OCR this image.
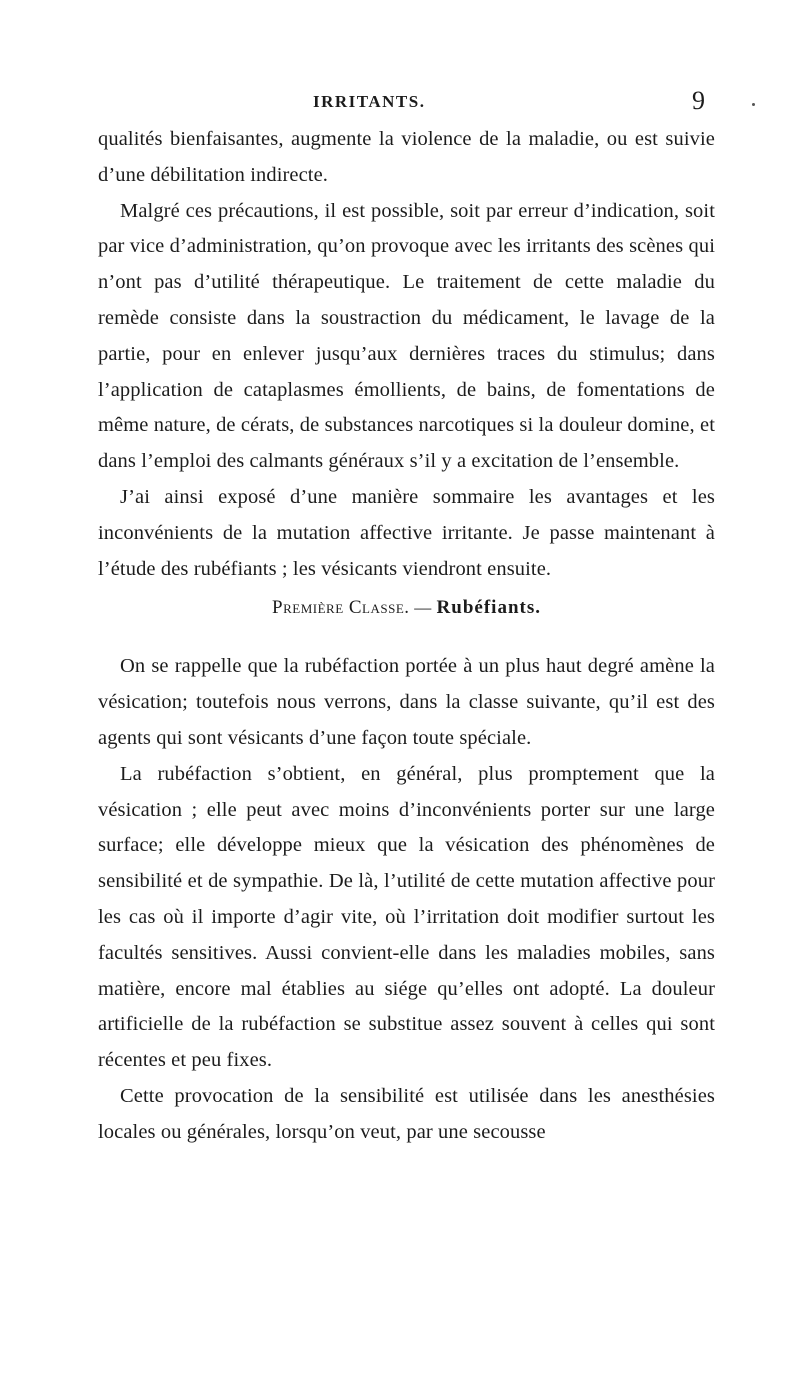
IRRITANTS.	9

qualités bienfaisantes, augmente la violence de la maladie, ou est suivie d’une débilitation indirecte.

Malgré ces précautions, il est possible, soit par erreur d’indication, soit par vice d’administration, qu’on provoque avec les irritants des scènes qui n’ont pas d’utilité thérapeutique. Le traitement de cette maladie du remède consiste dans la soustraction du médicament, le lavage de la partie, pour en enlever jusqu’aux dernières traces du stimulus; dans l’application de cataplasmes émollients, de bains, de fomentations de même nature, de cérats, de substances narcotiques si la douleur domine, et dans l’emploi des calmants généraux s’il y a excitation de l’ensemble.

J’ai ainsi exposé d’une manière sommaire les avantages et les inconvénients de la mutation affective irritante. Je passe maintenant à l’étude des rubéfiants ; les vésicants viendront ensuite.

Première Classe. — Rubéfiants.

On se rappelle que la rubéfaction portée à un plus haut degré amène la vésication; toutefois nous verrons, dans la classe suivante, qu’il est des agents qui sont vésicants d’une façon toute spéciale.

La rubéfaction s’obtient, en général, plus promptement que la vésication ; elle peut avec moins d’inconvénients porter sur une large surface; elle développe mieux que la vésication des phénomènes de sensibilité et de sympathie. De là, l’utilité de cette mutation affective pour les cas où il importe d’agir vite, où l’irritation doit modifier surtout les facultés sensitives. Aussi convient-elle dans les maladies mobiles, sans matière, encore mal établies au siége qu’elles ont adopté. La douleur artificielle de la rubéfaction se substitue assez souvent à celles qui sont récentes et peu fixes.

Cette provocation de la sensibilité est utilisée dans les anesthésies locales ou générales, lorsqu’on veut, par une secousse
